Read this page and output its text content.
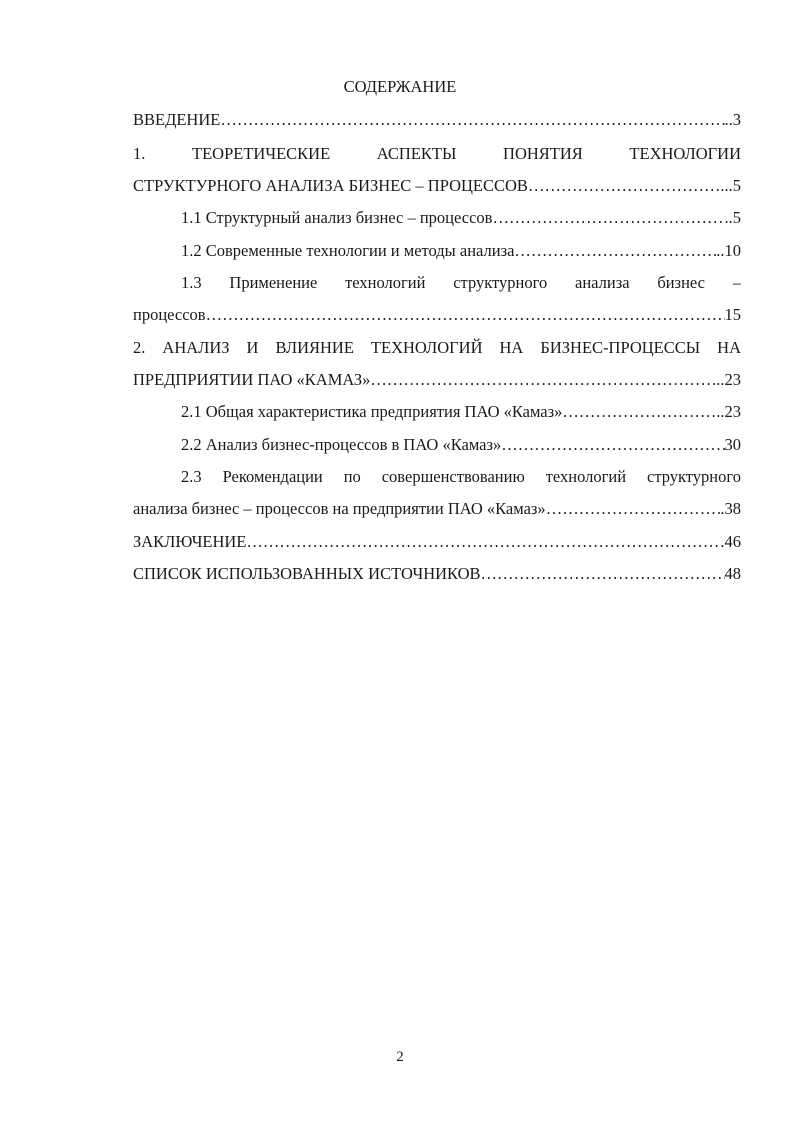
СОДЕРЖАНИЕ
ВВЕДЕНИЕ …………………………………………………………………………………………………………………………………………………………	..3
1. ТЕОРЕТИЧЕСКИЕ АСПЕКТЫ ПОНЯТИЯ ТЕХНОЛОГИИ
СТРУКТУРНОГО АНАЛИЗА БИЗНЕС – ПРОЦЕССОВ …………………………………………………………………………………………………………………………………………………………	...5
1.1 Структурный анализ бизнес – процессов …………………………………………………………………………………………………………………………………………………………	..5
1.2 Современные технологии и методы анализа …………………………………………………………………………………………………………………………………………………………	..10
1.3 Применение технологий структурного анализа бизнес –
процессов …………………………………………………………………………………………………………………………………………………………	15
2. АНАЛИЗ И ВЛИЯНИЕ ТЕХНОЛОГИЙ НА БИЗНЕС-ПРОЦЕССЫ НА
ПРЕДПРИЯТИИ ПАО «КАМАЗ» …………………………………………………………………………………………………………………………………………………………	...23
2.1 Общая характеристика предприятия ПАО «Камаз» …………………………………………………………………………………………………………………………………………………………	..23
2.2 Анализ бизнес-процессов в ПАО «Камаз» …………………………………………………………………………………………………………………………………………………………	30
2.3 Рекомендации по совершенствованию технологий структурного
анализа бизнес – процессов на предприятии ПАО «Камаз» …………………………………………………………………………………………………………………………………………………………	.38
ЗАКЛЮЧЕНИЕ …………………………………………………………………………………………………………………………………………………………	.46
СПИСОК ИСПОЛЬЗОВАННЫХ ИСТОЧНИКОВ …………………………………………………………………………………………………………………………………………………………	48
2
